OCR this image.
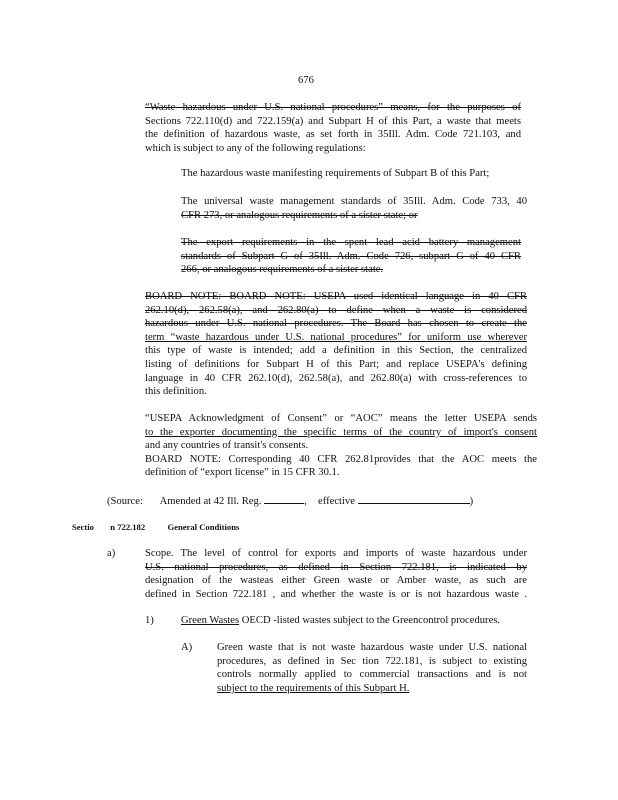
676
“Waste hazardous under U.S. national procedures” means, for the purposes of
Sections 722.110(d) and 722.159(a) and Subpart H of this Part, a waste that meets
the definition of hazardous waste, as set forth in 35Ill. Adm. Code 721.103, and
which is subject to any of the following regulations:
The hazardous waste manifesting requirements of Subpart B of this Part;
The universal waste management standards of 35Ill. Adm. Code 733, 40
CFR 273, or analogous requirements of a sister state; or
The export requirements in the spent lead acid battery management
standards of Subpart G of 35Ill. Adm. Code 726, subpart G of 40 CFR
266, or analogous requirements of a sister state.
BOARD NOTE: BOARD NOTE: USEPA used identical language in 40 CFR
262.10(d), 262.58(a), and 262.80(a) to define when a waste is considered
hazardous under U.S. national procedures. The Board has chosen to create the
term “waste hazardous under U.S. national procedures” for uniform use wherever
this type of waste is intended; add a definition in this Section, the centralized
listing of definitions for Subpart H of this Part; and replace USEPA's defining
language in 40 CFR 262.10(d), 262.58(a), and 262.80(a) with cross-references to
this definition.
“USEPA Acknowledgment of Consent” or “AOC” means the letter USEPA sends
to the exporter documenting the specific terms of the country of import's consent
and any countries of transit's consents.
BOARD NOTE: Corresponding 40 CFR 262.81provides that the AOC meets the
definition of “export license” in 15 CFR 30.1.
(Source: Amended at 42 Ill. Reg.	, effective	)
Sectio n 722.182	General Conditions
a)	Scope. The level of control for exports and imports of waste hazardous under
U.S. national procedures, as defined in Section 722.181, is indicated by
designation of the wasteas either Green waste or Amber waste, as such are
defined in Section 722.181 , and whether the waste is or is not hazardous waste .
1)	Green Wastes OECD -listed wastes subject to the Greencontrol procedures.
A) Green waste that is not waste hazardous waste under U.S. national
procedures, as defined in Sec tion 722.181, is subject to existing
controls normally applied to commercial transactions and is not
subject to the requirements of this Subpart H.
